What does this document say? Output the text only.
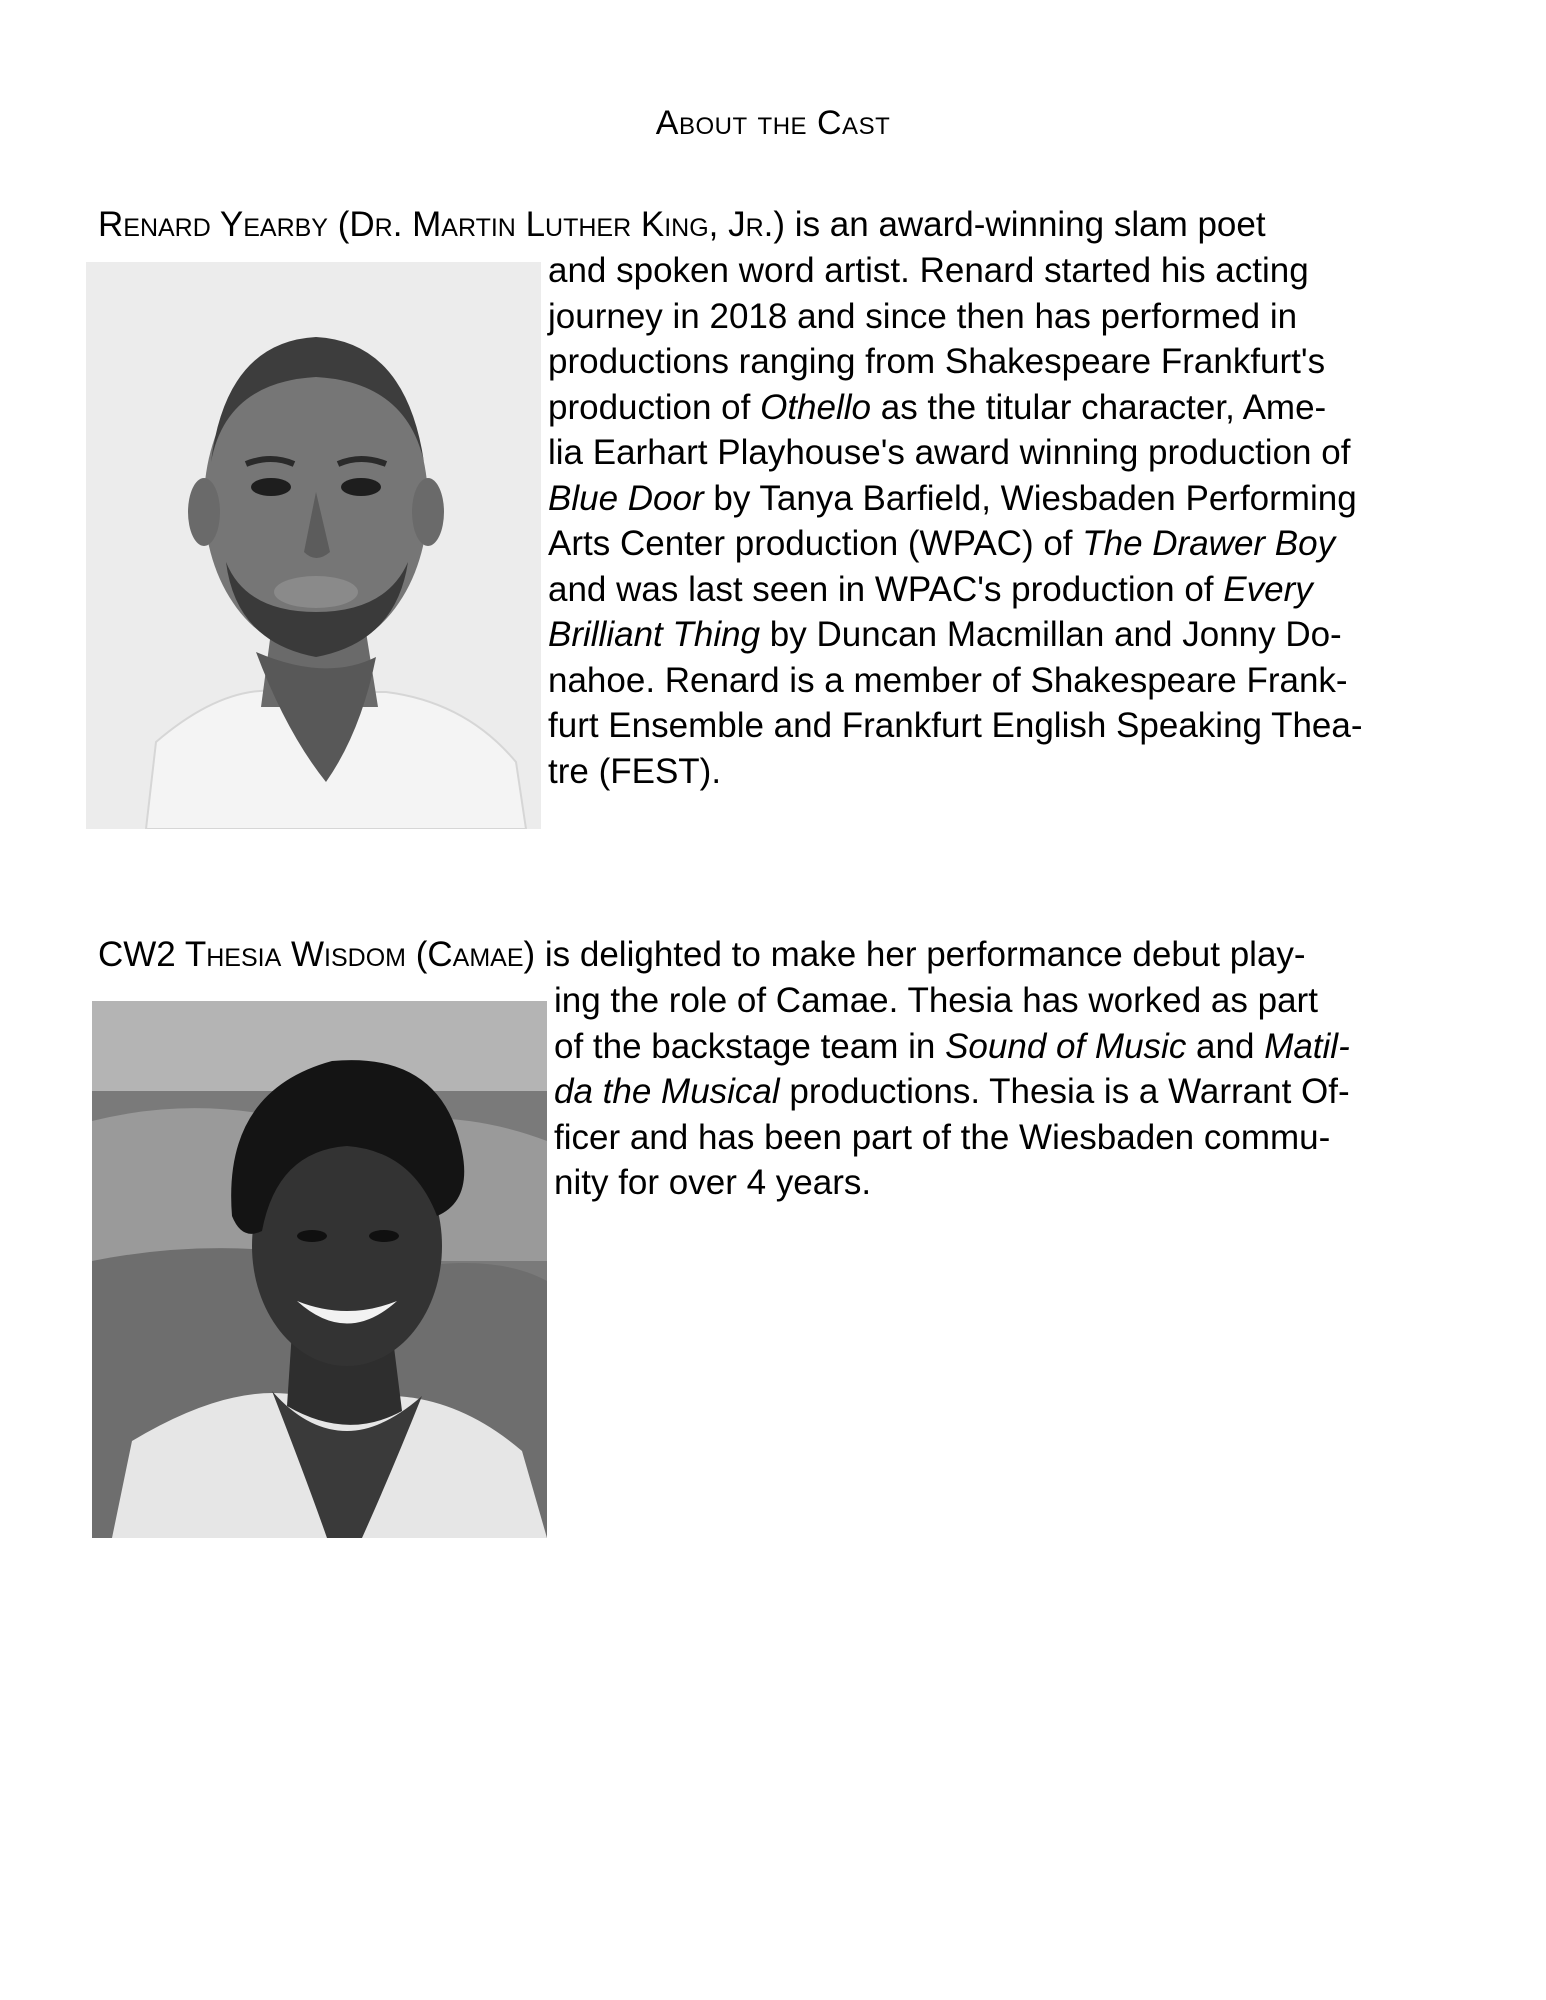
About the Cast
Renard Yearby (Dr. Martin Luther King, Jr.) is an award-winning slam poet
and spoken word artist. Renard started his acting
journey in 2018 and since then has performed in
productions ranging from Shakespeare Frankfurt's
production of Othello as the titular character, Ame-
lia Earhart Playhouse's award winning production of
Blue Door by Tanya Barfield, Wiesbaden Performing
Arts Center production (WPAC) of The Drawer Boy
and was last seen in WPAC's production of Every
Brilliant Thing by Duncan Macmillan and Jonny Do-
nahoe. Renard is a member of Shakespeare Frank-
furt Ensemble and Frankfurt English Speaking Thea-
tre (FEST).
CW2 Thesia Wisdom (Camae) is delighted to make her performance debut play-
ing the role of Camae. Thesia has worked as part
of the backstage team in Sound of Music and Matil-
da the Musical productions. Thesia is a Warrant Of-
ficer and has been part of the Wiesbaden commu-
nity for over 4 years.
